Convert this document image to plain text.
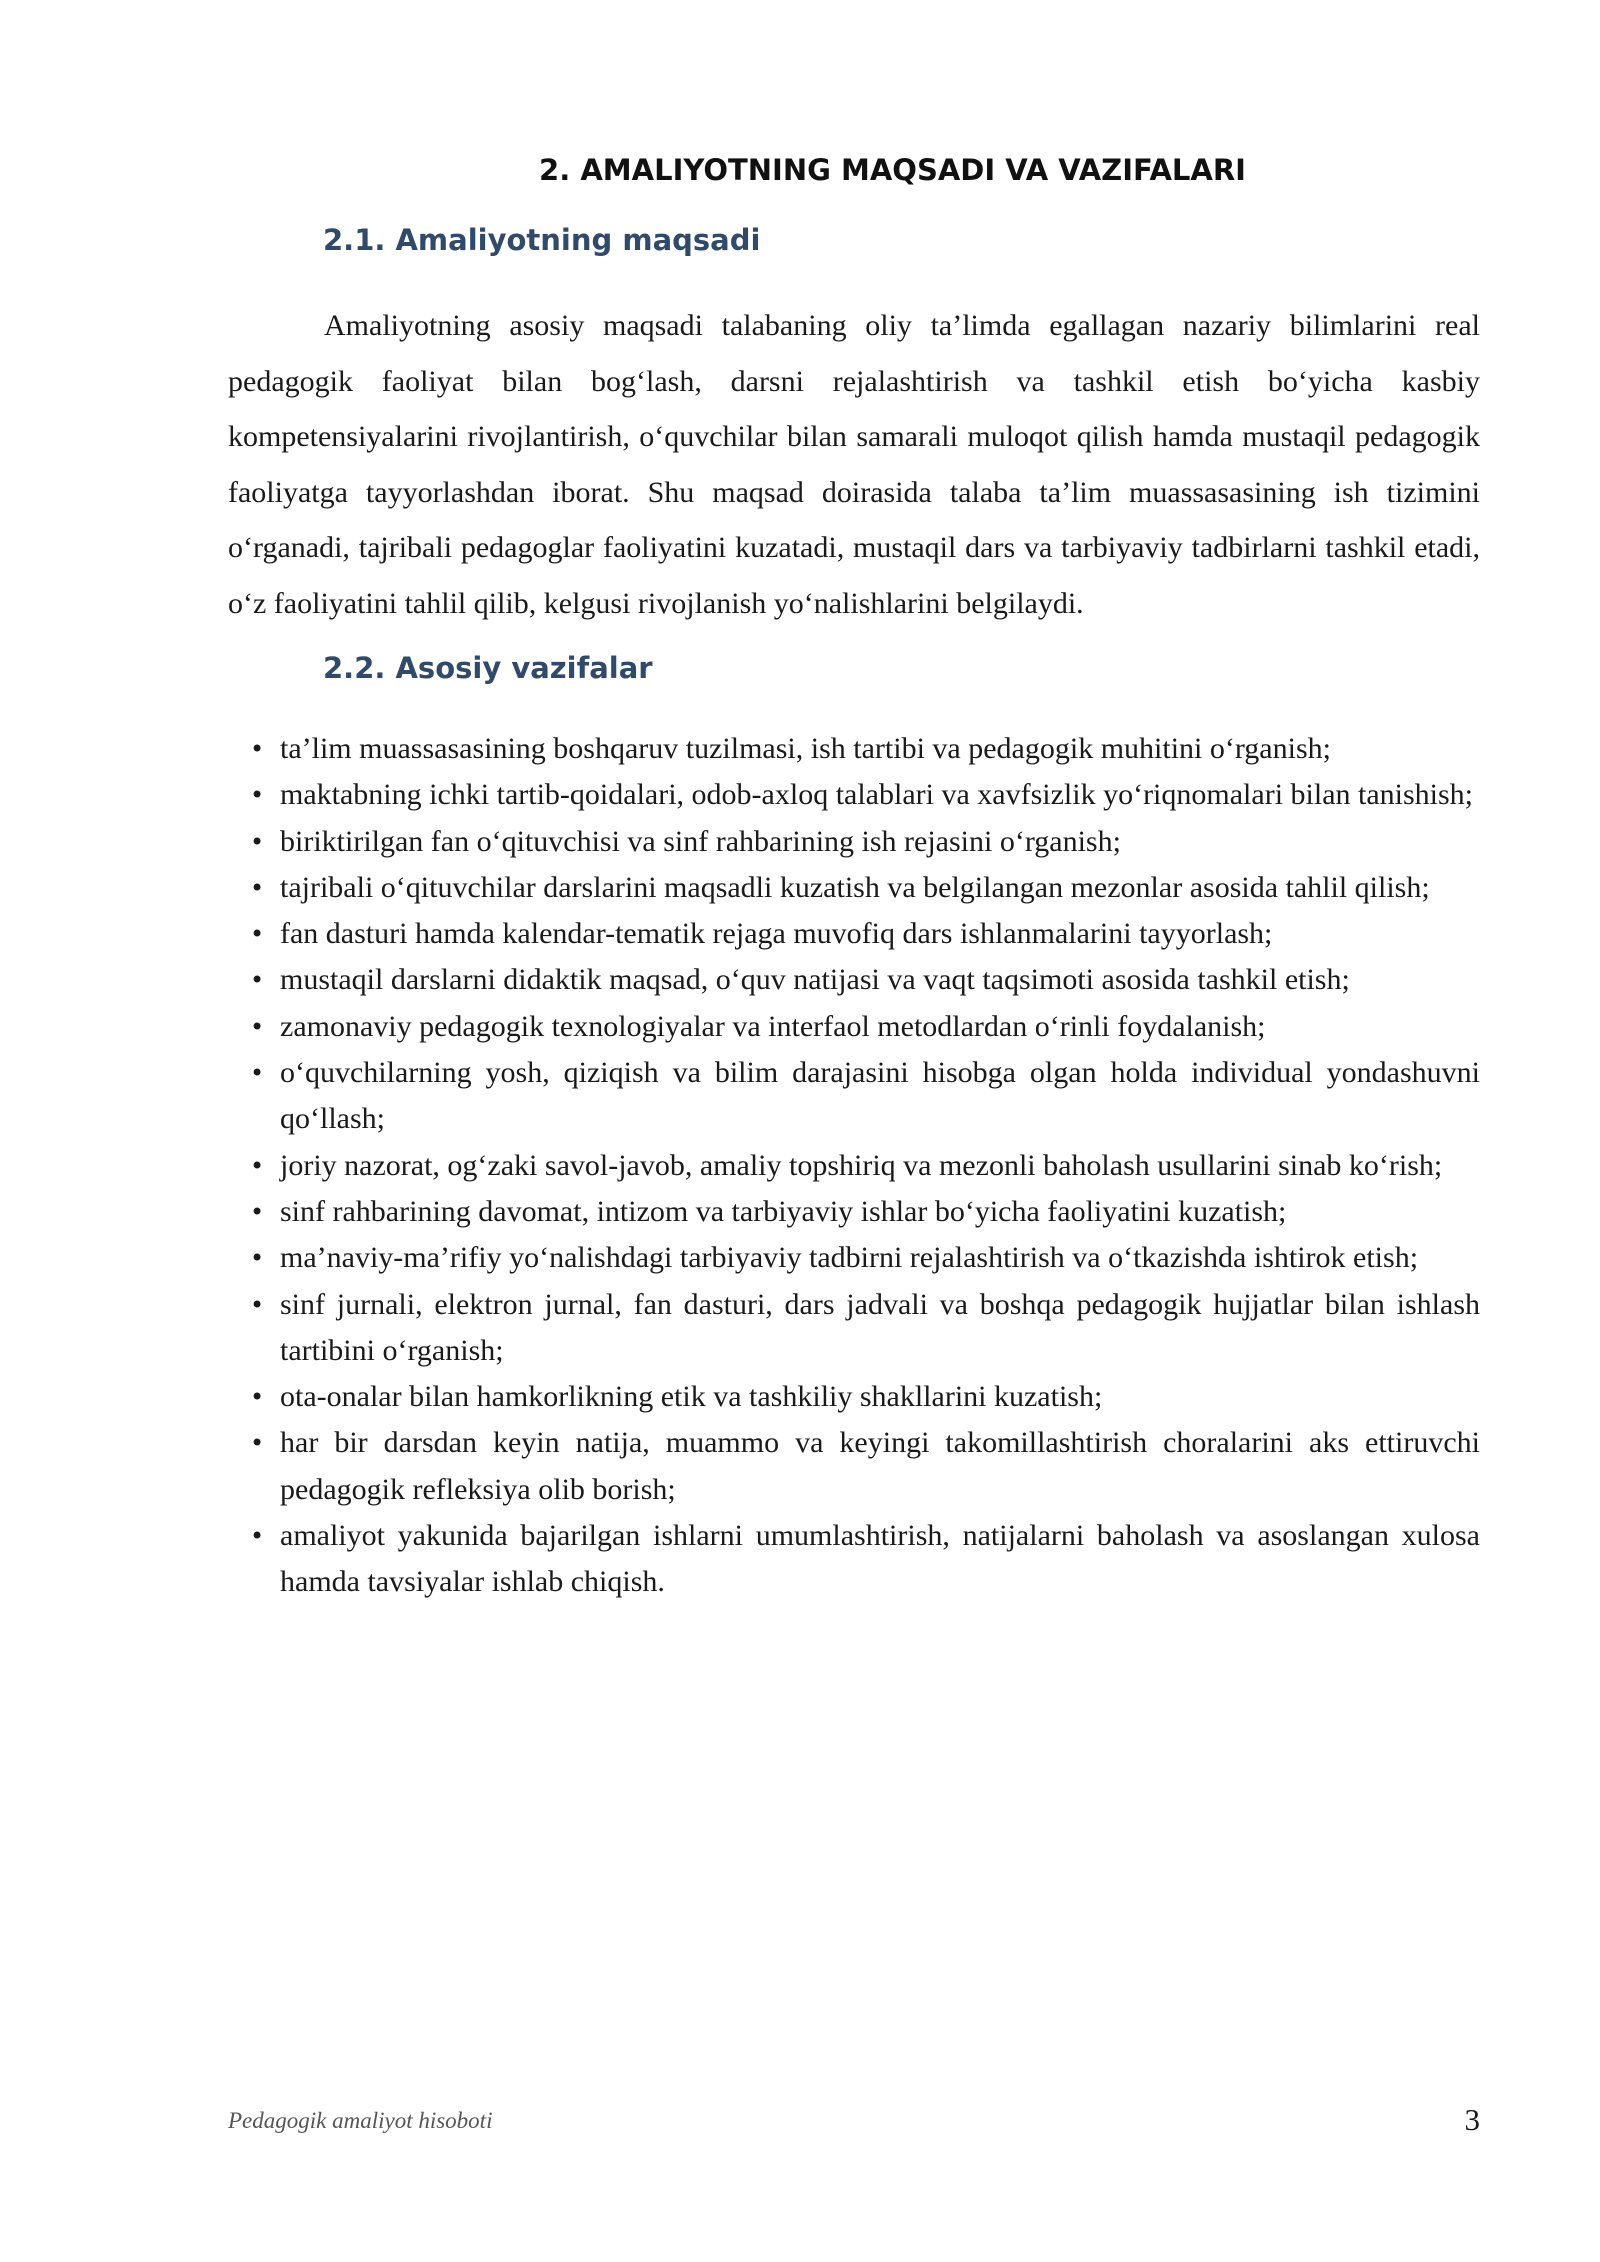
2. AMALIYOTNING MAQSADI VA VAZIFALARI
2.1. Amaliyotning maqsadi

Amaliyotning asosiy maqsadi talabaning oliy ta’limda egallagan nazariy bilimlarini real pedagogik faoliyat bilan bog‘lash, darsni rejalashtirish va tashkil etish bo‘yicha kasbiy kompetensiyalarini rivojlantirish, o‘quvchilar bilan samarali muloqot qilish hamda mustaqil pedagogik faoliyatga tayyorlashdan iborat. Shu maqsad doirasida talaba ta’lim muassasasining ish tizimini o‘rganadi, tajribali pedagoglar faoliyatini kuzatadi, mustaqil dars va tarbiyaviy tadbirlarni tashkil etadi, o‘z faoliyatini tahlil qilib, kelgusi rivojlanish yo‘nalishlarini belgilaydi.

2.2. Asosiy vazifalar
• ta’lim muassasasining boshqaruv tuzilmasi, ish tartibi va pedagogik muhitini o‘rganish;
• maktabning ichki tartib-qoidalari, odob-axloq talablari va xavfsizlik yo‘riqnomalari bilan tanishish;
• biriktirilgan fan o‘qituvchisi va sinf rahbarining ish rejasini o‘rganish;
• tajribali o‘qituvchilar darslarini maqsadli kuzatish va belgilangan mezonlar asosida tahlil qilish;
• fan dasturi hamda kalendar-tematik rejaga muvofiq dars ishlanmalarini tayyorlash;
• mustaqil darslarni didaktik maqsad, o‘quv natijasi va vaqt taqsimoti asosida tashkil etish;
• zamonaviy pedagogik texnologiyalar va interfaol metodlardan o‘rinli foydalanish;
• o‘quvchilarning yosh, qiziqish va bilim darajasini hisobga olgan holda individual yondashuvni qo‘llash;
• joriy nazorat, og‘zaki savol-javob, amaliy topshiriq va mezonli baholash usullarini sinab ko‘rish;
• sinf rahbarining davomat, intizom va tarbiyaviy ishlar bo‘yicha faoliyatini kuzatish;
• ma’naviy-ma’rifiy yo‘nalishdagi tarbiyaviy tadbirni rejalashtirish va o‘tkazishda ishtirok etish;
• sinf jurnali, elektron jurnal, fan dasturi, dars jadvali va boshqa pedagogik hujjatlar bilan ishlash tartibini o‘rganish;
• ota-onalar bilan hamkorlikning etik va tashkiliy shakllarini kuzatish;
• har bir darsdan keyin natija, muammo va keyingi takomillashtirish choralarini aks ettiruvchi pedagogik refleksiya olib borish;
• amaliyot yakunida bajarilgan ishlarni umumlashtirish, natijalarni baholash va asoslangan xulosa hamda tavsiyalar ishlab chiqish.
Pedagogik amaliyot hisoboti	3
